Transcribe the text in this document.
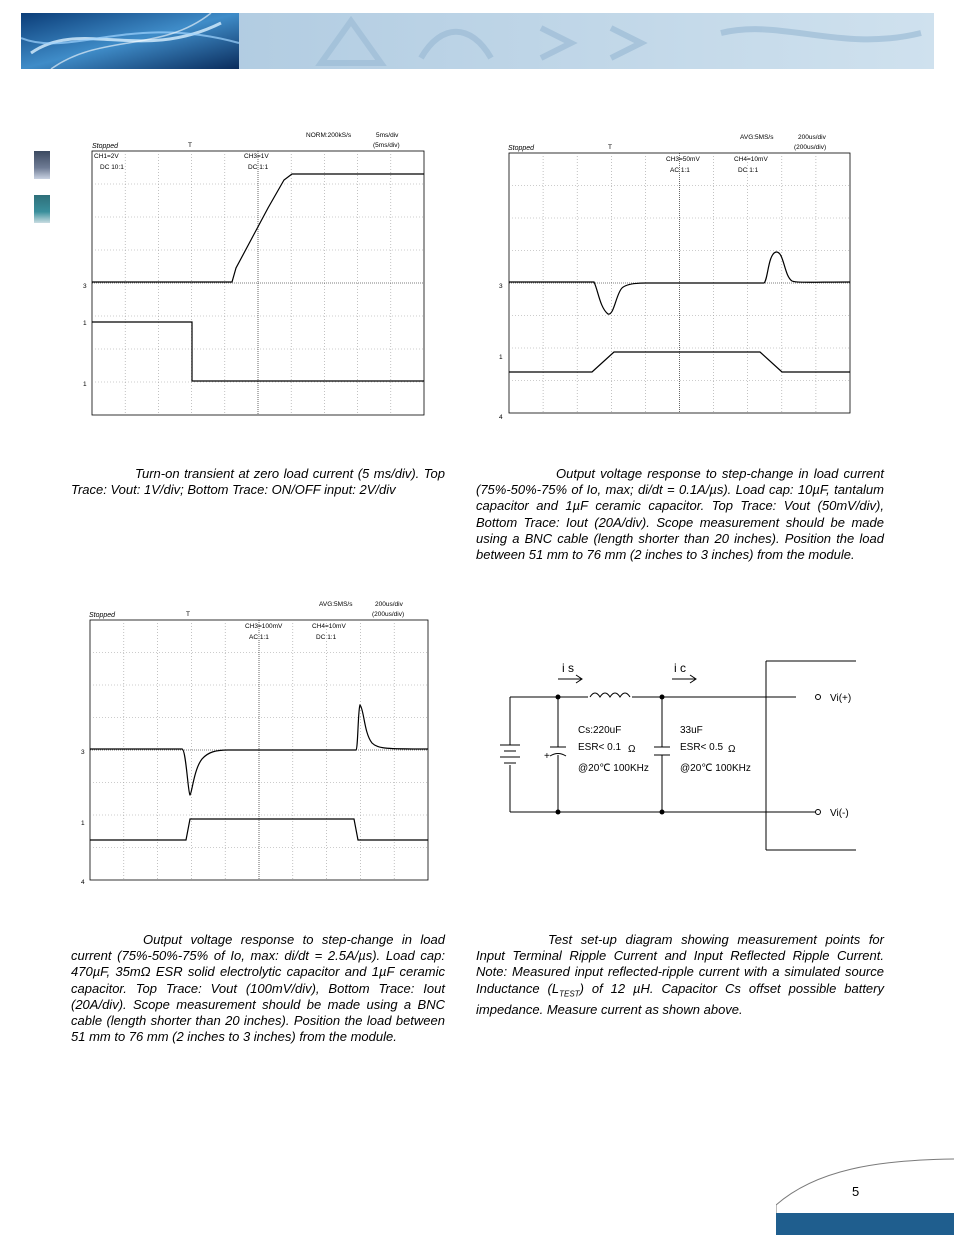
Stopped
NORM:200kS/s	5ms/div
(5ms/div)
T
CH1=2V
DC 10:1
CH3=1V
DC 1:1
3
1
1
Stopped
AVG:5MS/s	200us/div
(200us/div)
T
CH3=50mV
AC 1:1
CH4=10mV
DC 1:1
3
1
4
Stopped
AVG:5MS/s	200us/div
(200us/div)
T
CH3=100mV
AC 1:1
CH4=10mV
DC 1:1
3
1
4
+
i s	i c
Cs:220uF
ESR< 0.1 Ω
@20℃ 100KHz
33uF
ESR< 0.5 Ω
@20℃ 100KHz
Vi(+)
Vi(-)
Turn-on transient at zero load current (5 ms/div). Top Trace: Vout: 1V/div; Bottom Trace: ON/OFF input: 2V/div
Output voltage response to step-change in load current (75%-50%-75% of Io, max; di/dt = 0.1A/µs). Load cap: 10µF, tantalum capacitor and 1µF ceramic capacitor. Top Trace: Vout (50mV/div), Bottom Trace: Iout (20A/div). Scope measurement should be made using a BNC cable (length shorter than 20 inches). Position the load between 51 mm to 76 mm (2 inches to 3 inches) from the module.
Output voltage response to step-change in load current (75%-50%-75% of Io, max: di/dt = 2.5A/µs). Load cap: 470µF, 35mΩ ESR solid electrolytic capacitor and 1µF ceramic capacitor. Top Trace: Vout (100mV/div), Bottom Trace: Iout (20A/div). Scope measurement should be made using a BNC cable (length shorter than 20 inches). Position the load between 51 mm to 76 mm (2 inches to 3 inches) from the module.
Test set-up diagram showing measurement points for Input Terminal Ripple Current and Input Reflected Ripple Current. Note: Measured input reflected-ripple current with a simulated source Inductance $(L_{TEST})$ of 12 µH. Capacitor Cs offset possible battery impedance. Measure current as shown above.
5
